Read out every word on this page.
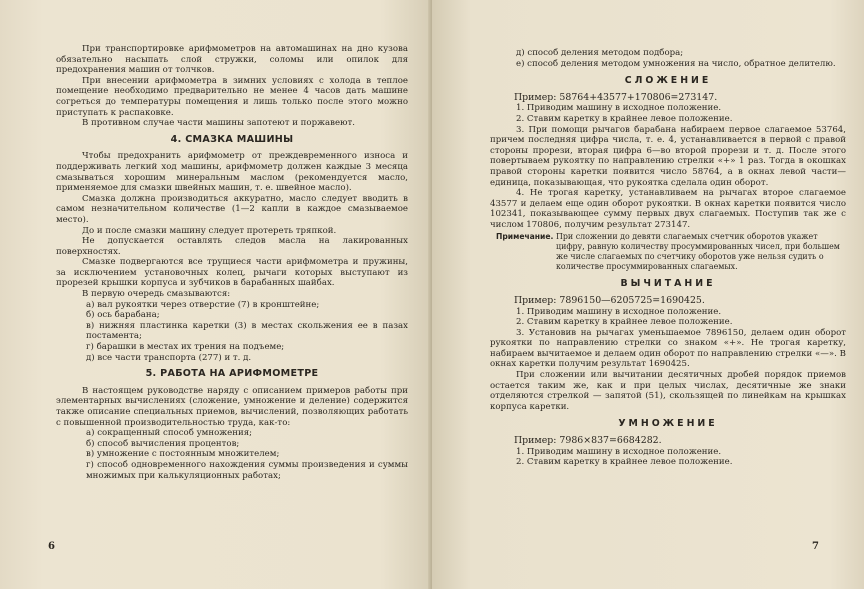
При транспортировке арифмометров на автомашинах на дно кузова обязательно насыпать слой стружки, соломы или опилок для предохранения машин от толчков.

При внесении арифмометра в зимних условиях с холода в теплое помещение необходимо предварительно не менее 4 часов дать машине согреться до температуры помещения и лишь только после этого можно приступать к распаковке.

В противном случае части машины запотеют и поржавеют.

4. СМАЗКА МАШИНЫ

Чтобы предохранить арифмометр от преждевременного износа и поддерживать легкий ход машины, арифмометр должен каждые 3 месяца смазываться хорошим минеральным маслом (рекомендуется масло, применяемое для смазки швейных машин, т. е. швейное масло).

Смазка должна производиться аккуратно, масло следует вводить в самом незначительном количестве (1—2 капли в каждое смазываемое место).

До и после смазки машину следует протереть тряпкой.

Не допускается оставлять следов масла на лакированных поверхностях.

Смазке подвергаются все трущиеся части арифмометра и пружины, за исключением установочных колец, рычаги которых выступают из прорезей крышки корпуса и зубчиков в барабанных шайбах.

В первую очередь смазываются:

а) вал рукоятки через отверстие (7) в кронштейне;

б) ось барабана;

в) нижняя пластинка каретки (3) в местах скольжения ее в пазах постамента;

г) барашки в местах их трения на подъеме;

д) все части транспорта (277) и т. д.

5. РАБОТА НА АРИФМОМЕТРЕ

В настоящем руководстве наряду с описанием примеров работы при элементарных вычислениях (сложение, умножение и деление) содержится также описание специальных приемов, вычислений, позволяющих работать с повышенной производительностью труда, как-то:

а) сокращенный способ умножения;

б) способ вычисления процентов;

в) умножение с постоянным множителем;

г) способ одновременного нахождения суммы произведения и суммы множимых при калькуляционных работах;

6

д) способ деления методом подбора;

е) способ деления методом умножения на число, обратное делителю.

СЛОЖЕНИЕ

Пример: 58764+43577+170806=273147.

1. Приводим машину в исходное положение.

2. Ставим каретку в крайнее левое положение.

3. При помощи рычагов барабана набираем первое слагаемое 53764, причем последняя цифра числа, т. е. 4, устанавливается в первой с правой стороны прорези, вторая цифра 6—во второй прорези и т. д. После этого повертываем рукоятку по направлению стрелки «+» 1 раз. Тогда в окошках правой стороны каретки появится число 58764, а в окнах левой части—единица, показывающая, что рукоятка сделала один оборот.

4. Не трогая каретку, устанавливаем на рычагах второе слагаемое 43577 и делаем еще один оборот рукоятки. В окнах каретки появится число 102341, показывающее сумму первых двух слагаемых. Поступив так же с числом 170806, получим результат 273147.

Примечание. При сложении до девяти слагаемых счетчик оборотов укажет цифру, равную количеству просуммированных чисел, при большем же числе слагаемых по счетчику оборотов уже нельзя судить о количестве просуммированных слагаемых.
ВЫЧИТАНИЕ

Пример: 7896150—6205725=1690425.

1. Приводим машину в исходное положение.

2. Ставим каретку в крайнее левое положение.

3. Установив на рычагах уменьшаемое 7896150, делаем один оборот рукоятки по направлению стрелки со знаком «+». Не трогая каретку, набираем вычитаемое и делаем один оборот по направлению стрелки «—». В окнах каретки получим результат 1690425.

При сложении или вычитании десятичных дробей порядок приемов остается таким же, как и при целых числах, десятичные же знаки отделяются стрелкой — запятой (51), скользящей по линейкам на крышках корпуса каретки.

УМНОЖЕНИЕ

Пример: 7986×837=6684282.

1. Приводим машину в исходное положение.

2. Ставим каретку в крайнее левое положение.

7
